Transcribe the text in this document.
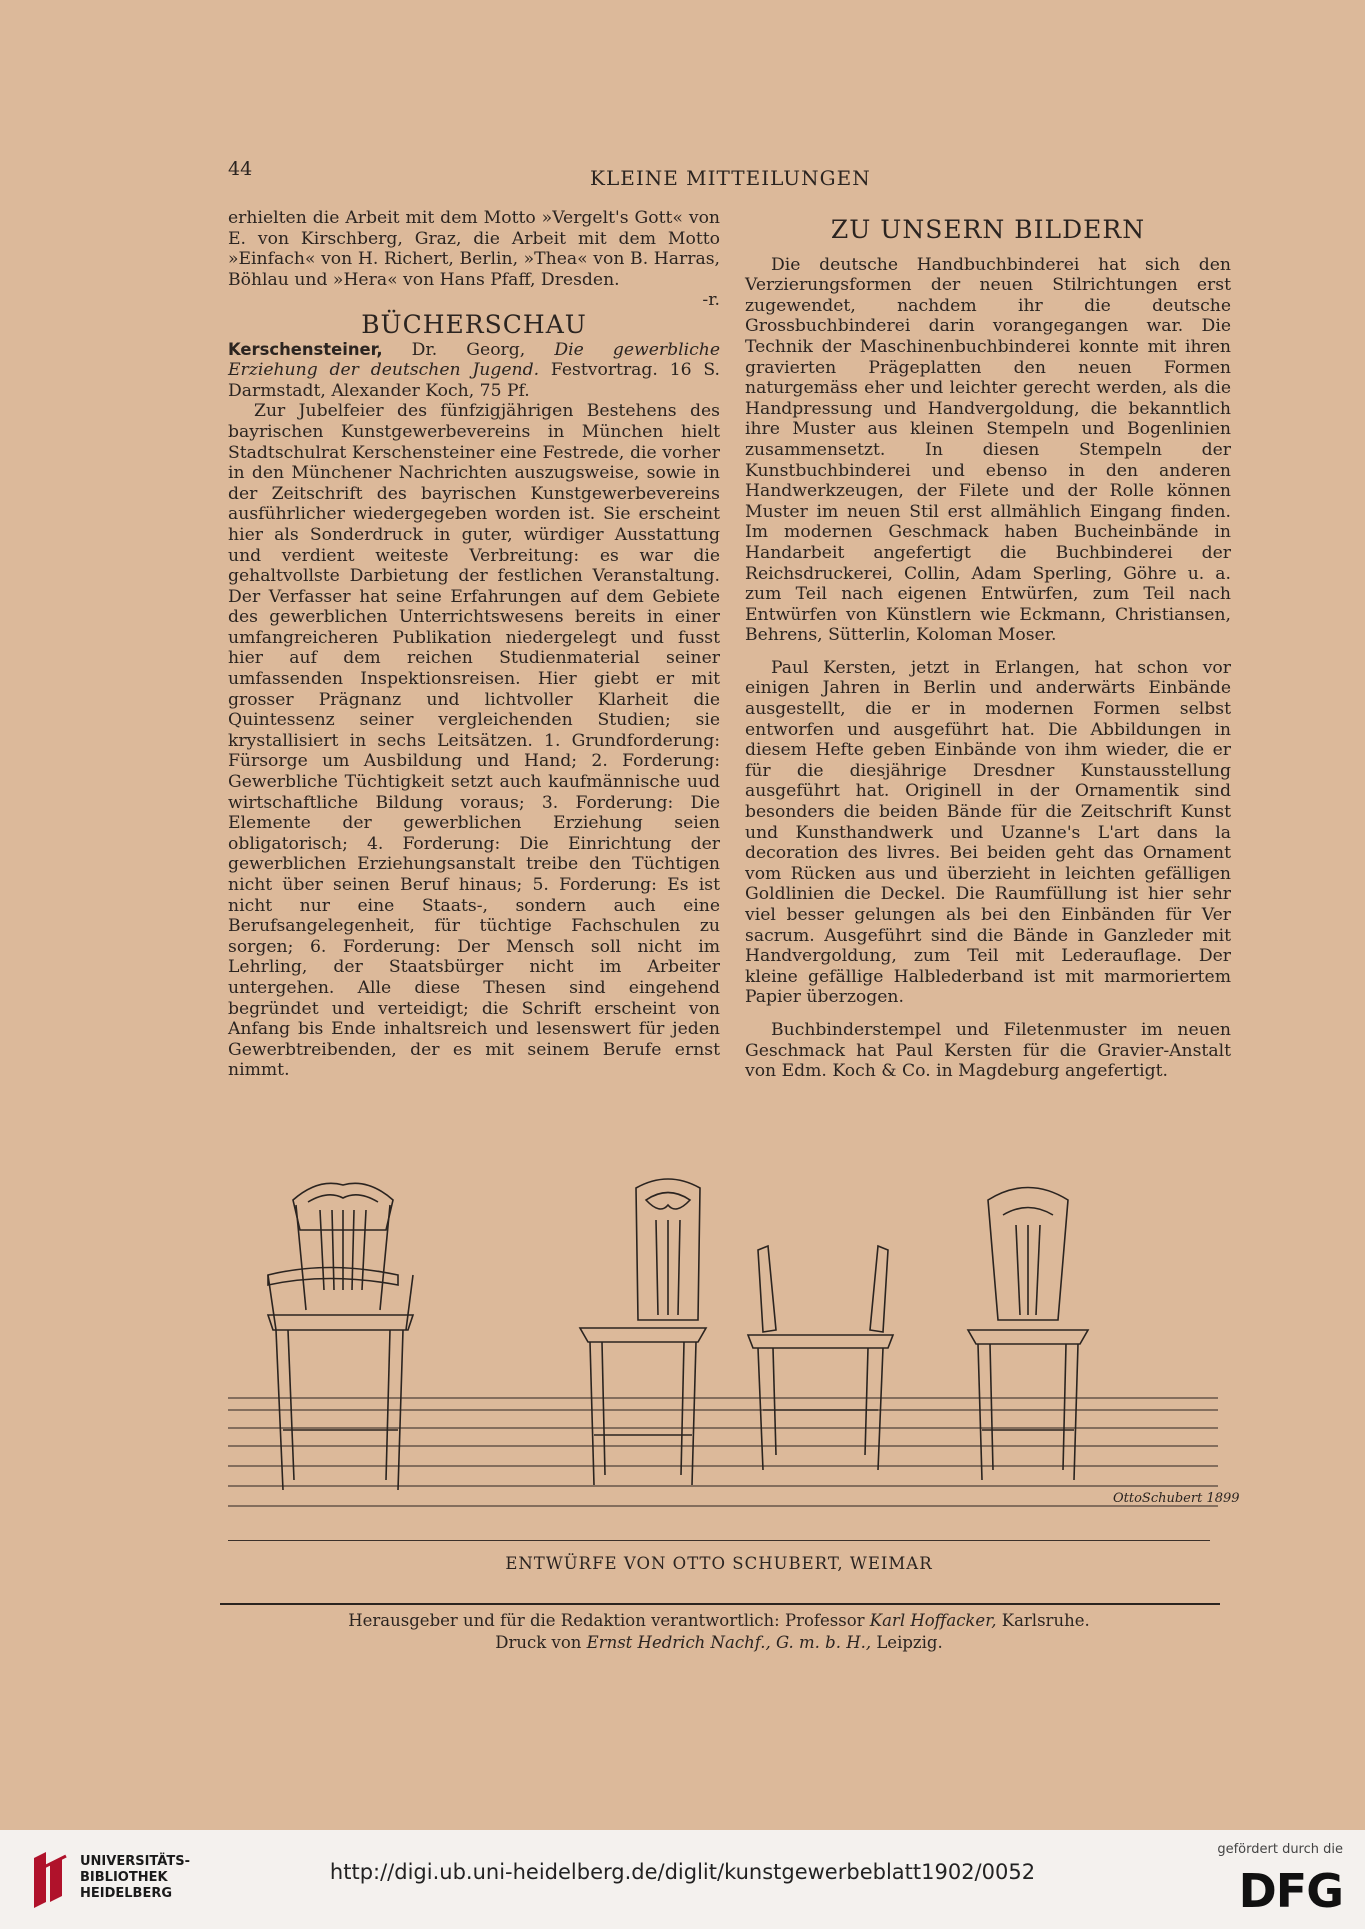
44	KLEINE MITTEILUNGEN

erhielten die Arbeit mit dem Motto »Vergelt's Gott« von E. von Kirschberg, Graz, die Arbeit mit dem Motto »Einfach« von H. Richert, Berlin, »Thea« von B. Harras, Böhlau und »Hera« von Hans Pfaff, Dresden.

-r.

BÜCHERSCHAU

Kerschensteiner, Dr. Georg, Die gewerbliche Erziehung der deutschen Jugend. Festvortrag. 16 S. Darmstadt, Alexander Koch, 75 Pf.

Zur Jubelfeier des fünfzigjährigen Bestehens des bayrischen Kunstgewerbevereins in München hielt Stadtschulrat Kerschensteiner eine Festrede, die vorher in den Münchener Nachrichten auszugsweise, sowie in der Zeitschrift des bayrischen Kunstgewerbevereins ausführlicher wiedergegeben worden ist. Sie erscheint hier als Sonderdruck in guter, würdiger Ausstattung und verdient weiteste Verbreitung: es war die gehaltvollste Darbietung der festlichen Veranstaltung. Der Verfasser hat seine Erfahrungen auf dem Gebiete des gewerblichen Unterrichtswesens bereits in einer umfangreicheren Publikation niedergelegt und fusst hier auf dem reichen Studienmaterial seiner umfassenden Inspektionsreisen. Hier giebt er mit grosser Prägnanz und lichtvoller Klarheit die Quintessenz seiner vergleichenden Studien; sie krystallisiert in sechs Leitsätzen. 1. Grundforderung: Fürsorge um Ausbildung und Hand; 2. Forderung: Gewerbliche Tüchtigkeit setzt auch kaufmännische uud wirtschaftliche Bildung voraus; 3. Forderung: Die Elemente der gewerblichen Erziehung seien obligatorisch; 4. Forderung: Die Einrichtung der gewerblichen Erziehungsanstalt treibe den Tüchtigen nicht über seinen Beruf hinaus; 5. Forderung: Es ist nicht nur eine Staats-, sondern auch eine Berufsangelegenheit, für tüchtige Fachschulen zu sorgen; 6. Forderung: Der Mensch soll nicht im Lehrling, der Staatsbürger nicht im Arbeiter untergehen. Alle diese Thesen sind eingehend begründet und verteidigt; die Schrift erscheint von Anfang bis Ende inhaltsreich und lesenswert für jeden Gewerbtreibenden, der es mit seinem Berufe ernst nimmt.

ZU UNSERN BILDERN

Die deutsche Handbuchbinderei hat sich den Verzierungsformen der neuen Stilrichtungen erst zugewendet, nachdem ihr die deutsche Grossbuchbinderei darin vorangegangen war. Die Technik der Maschinenbuchbinderei konnte mit ihren gravierten Prägeplatten den neuen Formen naturgemäss eher und leichter gerecht werden, als die Handpressung und Handvergoldung, die bekanntlich ihre Muster aus kleinen Stempeln und Bogenlinien zusammensetzt. In diesen Stempeln der Kunstbuchbinderei und ebenso in den anderen Handwerkzeugen, der Filete und der Rolle können Muster im neuen Stil erst allmählich Eingang finden. Im modernen Geschmack haben Bucheinbände in Handarbeit angefertigt die Buchbinderei der Reichsdruckerei, Collin, Adam Sperling, Göhre u. a. zum Teil nach eigenen Entwürfen, zum Teil nach Entwürfen von Künstlern wie Eckmann, Christiansen, Behrens, Sütterlin, Koloman Moser.

Paul Kersten, jetzt in Erlangen, hat schon vor einigen Jahren in Berlin und anderwärts Einbände ausgestellt, die er in modernen Formen selbst entworfen und ausgeführt hat. Die Abbildungen in diesem Hefte geben Einbände von ihm wieder, die er für die diesjährige Dresdner Kunstausstellung ausgeführt hat. Originell in der Ornamentik sind besonders die beiden Bände für die Zeitschrift Kunst und Kunsthandwerk und Uzanne's L'art dans la decoration des livres. Bei beiden geht das Ornament vom Rücken aus und überzieht in leichten gefälligen Goldlinien die Deckel. Die Raumfüllung ist hier sehr viel besser gelungen als bei den Einbänden für Ver sacrum. Ausgeführt sind die Bände in Ganzleder mit Handvergoldung, zum Teil mit Lederauflage. Der kleine gefällige Halblederband ist mit marmoriertem Papier überzogen.

Buchbinderstempel und Filetenmuster im neuen Geschmack hat Paul Kersten für die Gravier-Anstalt von Edm. Koch & Co. in Magdeburg angefertigt.

OttoSchubert 1899
ENTWÜRFE VON OTTO SCHUBERT, WEIMAR
Herausgeber und für die Redaktion verantwortlich: Professor Karl Hoffacker, Karlsruhe.
Druck von Ernst Hedrich Nachf., G. m. b. H., Leipzig.
UNIVERSITÄTS-
BIBLIOTHEK
HEIDELBERG
http://digi.ub.uni-heidelberg.de/diglit/kunstgewerbeblatt1902/0052
gefördert durch die
DFG
